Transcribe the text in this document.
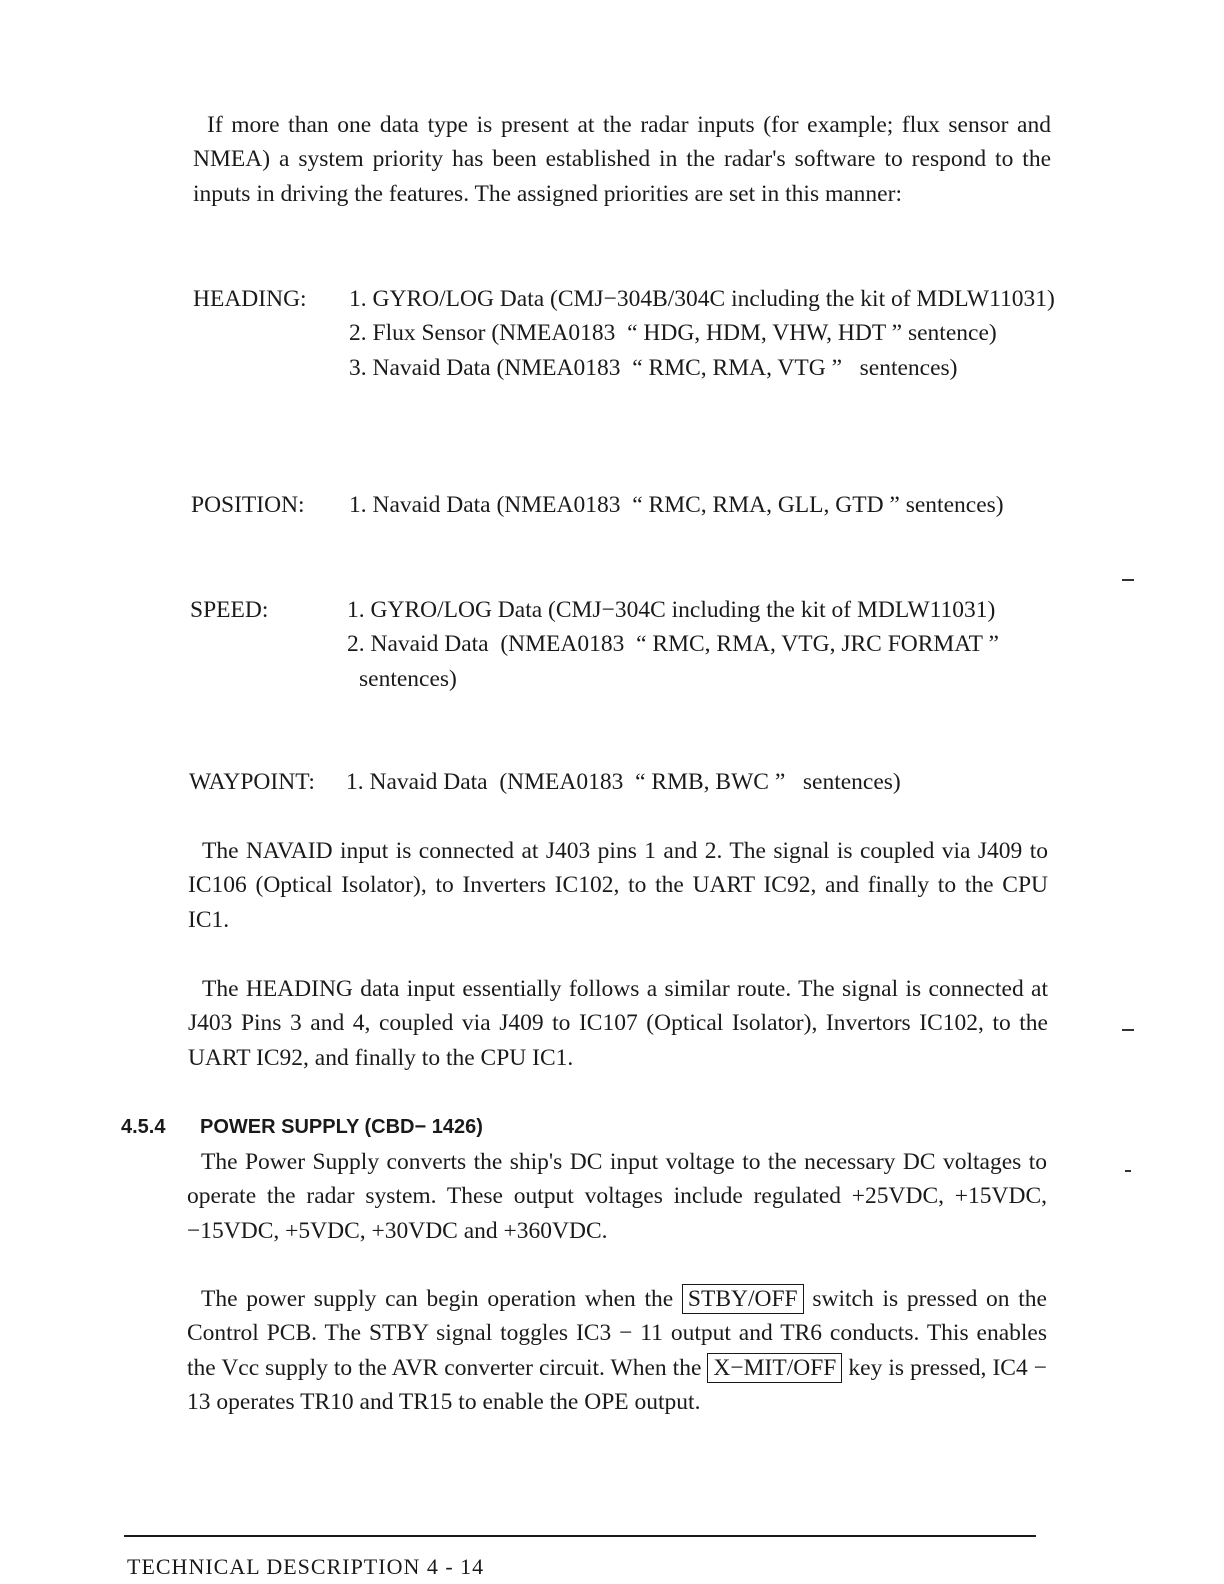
If more than one data type is present at the radar inputs (for example; flux sensor and NMEA) a system priority has been established in the radar's software to respond to the inputs in driving the features. The assigned priorities are set in this manner:

HEADING: 1. GYRO/LOG Data (CMJ−304B/304C including the kit of MDLW11031)

2. Flux Sensor (NMEA0183  “ HDG, HDM, VHW, HDT ” sentence)

3. Navaid Data (NMEA0183  “ RMC, RMA, VTG ”   sentences)

POSITION: 1. Navaid Data (NMEA0183  “ RMC, RMA, GLL, GTD ” sentences)

SPEED:	1. GYRO/LOG Data (CMJ−304C including the kit of MDLW11031)

2. Navaid Data  (NMEA0183  “ RMC, RMA, VTG, JRC FORMAT ”  sentences)

WAYPOINT: 1. Navaid Data  (NMEA0183  “ RMB, BWC ”   sentences)

The NAVAID input is connected at J403 pins 1 and 2. The signal is coupled via J409 to IC106 (Optical Isolator), to Inverters IC102, to the UART IC92, and finally to the CPU IC1.

The HEADING data input essentially follows a similar route. The signal is connected at J403 Pins 3 and 4, coupled via J409 to IC107 (Optical Isolator), Invertors IC102, to the UART IC92, and finally to the CPU IC1.

4.5.4 POWER SUPPLY (CBD− 1426)

The Power Supply converts the ship's DC input voltage to the necessary DC voltages to operate the radar system. These output voltages include regulated +25VDC, +15VDC, −15VDC, +5VDC, +30VDC and +360VDC.

The power supply can begin operation when the STBY/OFF switch is pressed on the Control PCB. The STBY signal toggles IC3 − 11 output and TR6 conducts. This enables the Vcc supply to the AVR converter circuit. When the X−MIT/OFF key is pressed, IC4 − 13 operates TR10 and TR15 to enable the OPE output.

TECHNICAL DESCRIPTION 4 - 14
